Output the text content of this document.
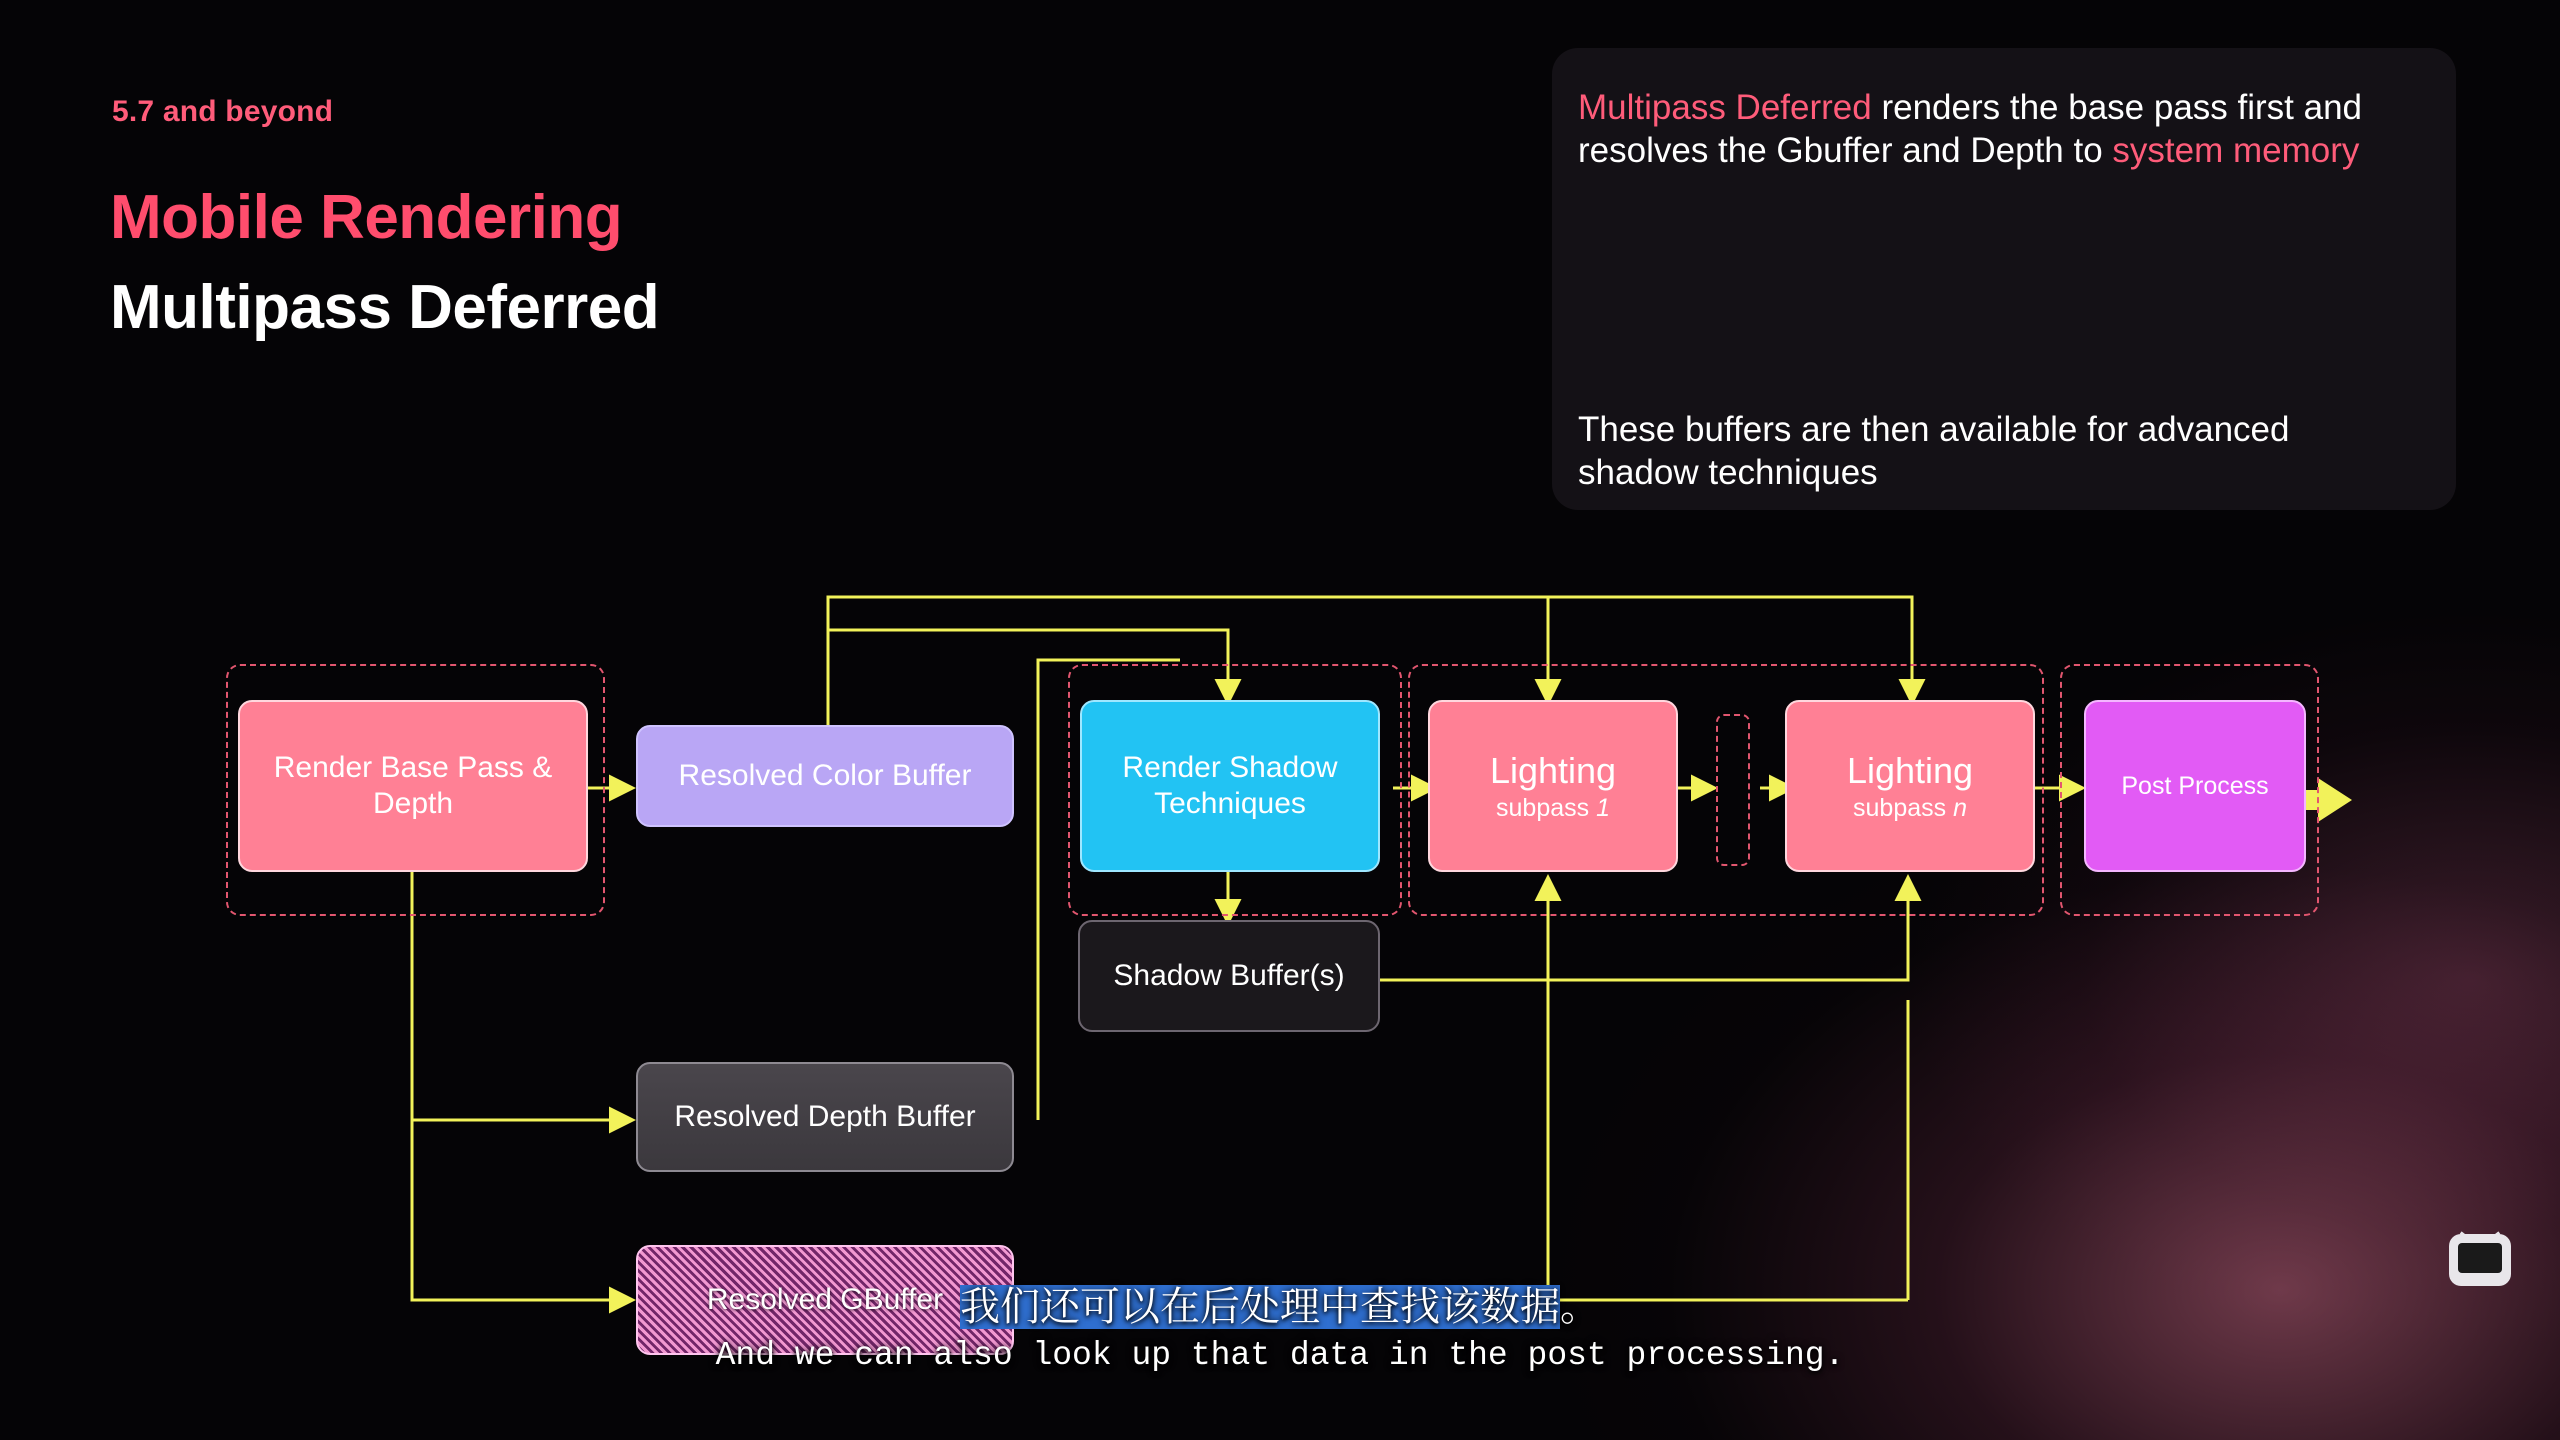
5.7 and beyond
Mobile Rendering
Multipass Deferred

Multipass Deferred renders the base pass first and resolves the Gbuffer and Depth to system memory

These buffers are then available for advanced shadow techniques

Render Base Pass & Depth
Resolved Color Buffer	Render Shadow Techniques
Lighting
subpass 1
Lighting
subpass n
Post Process
Shadow Buffer(s)
Resolved Depth Buffer
Resolved GBuffer 我们还可以在后处理中查找该数据。
And we can also look up that data in the post processing.
